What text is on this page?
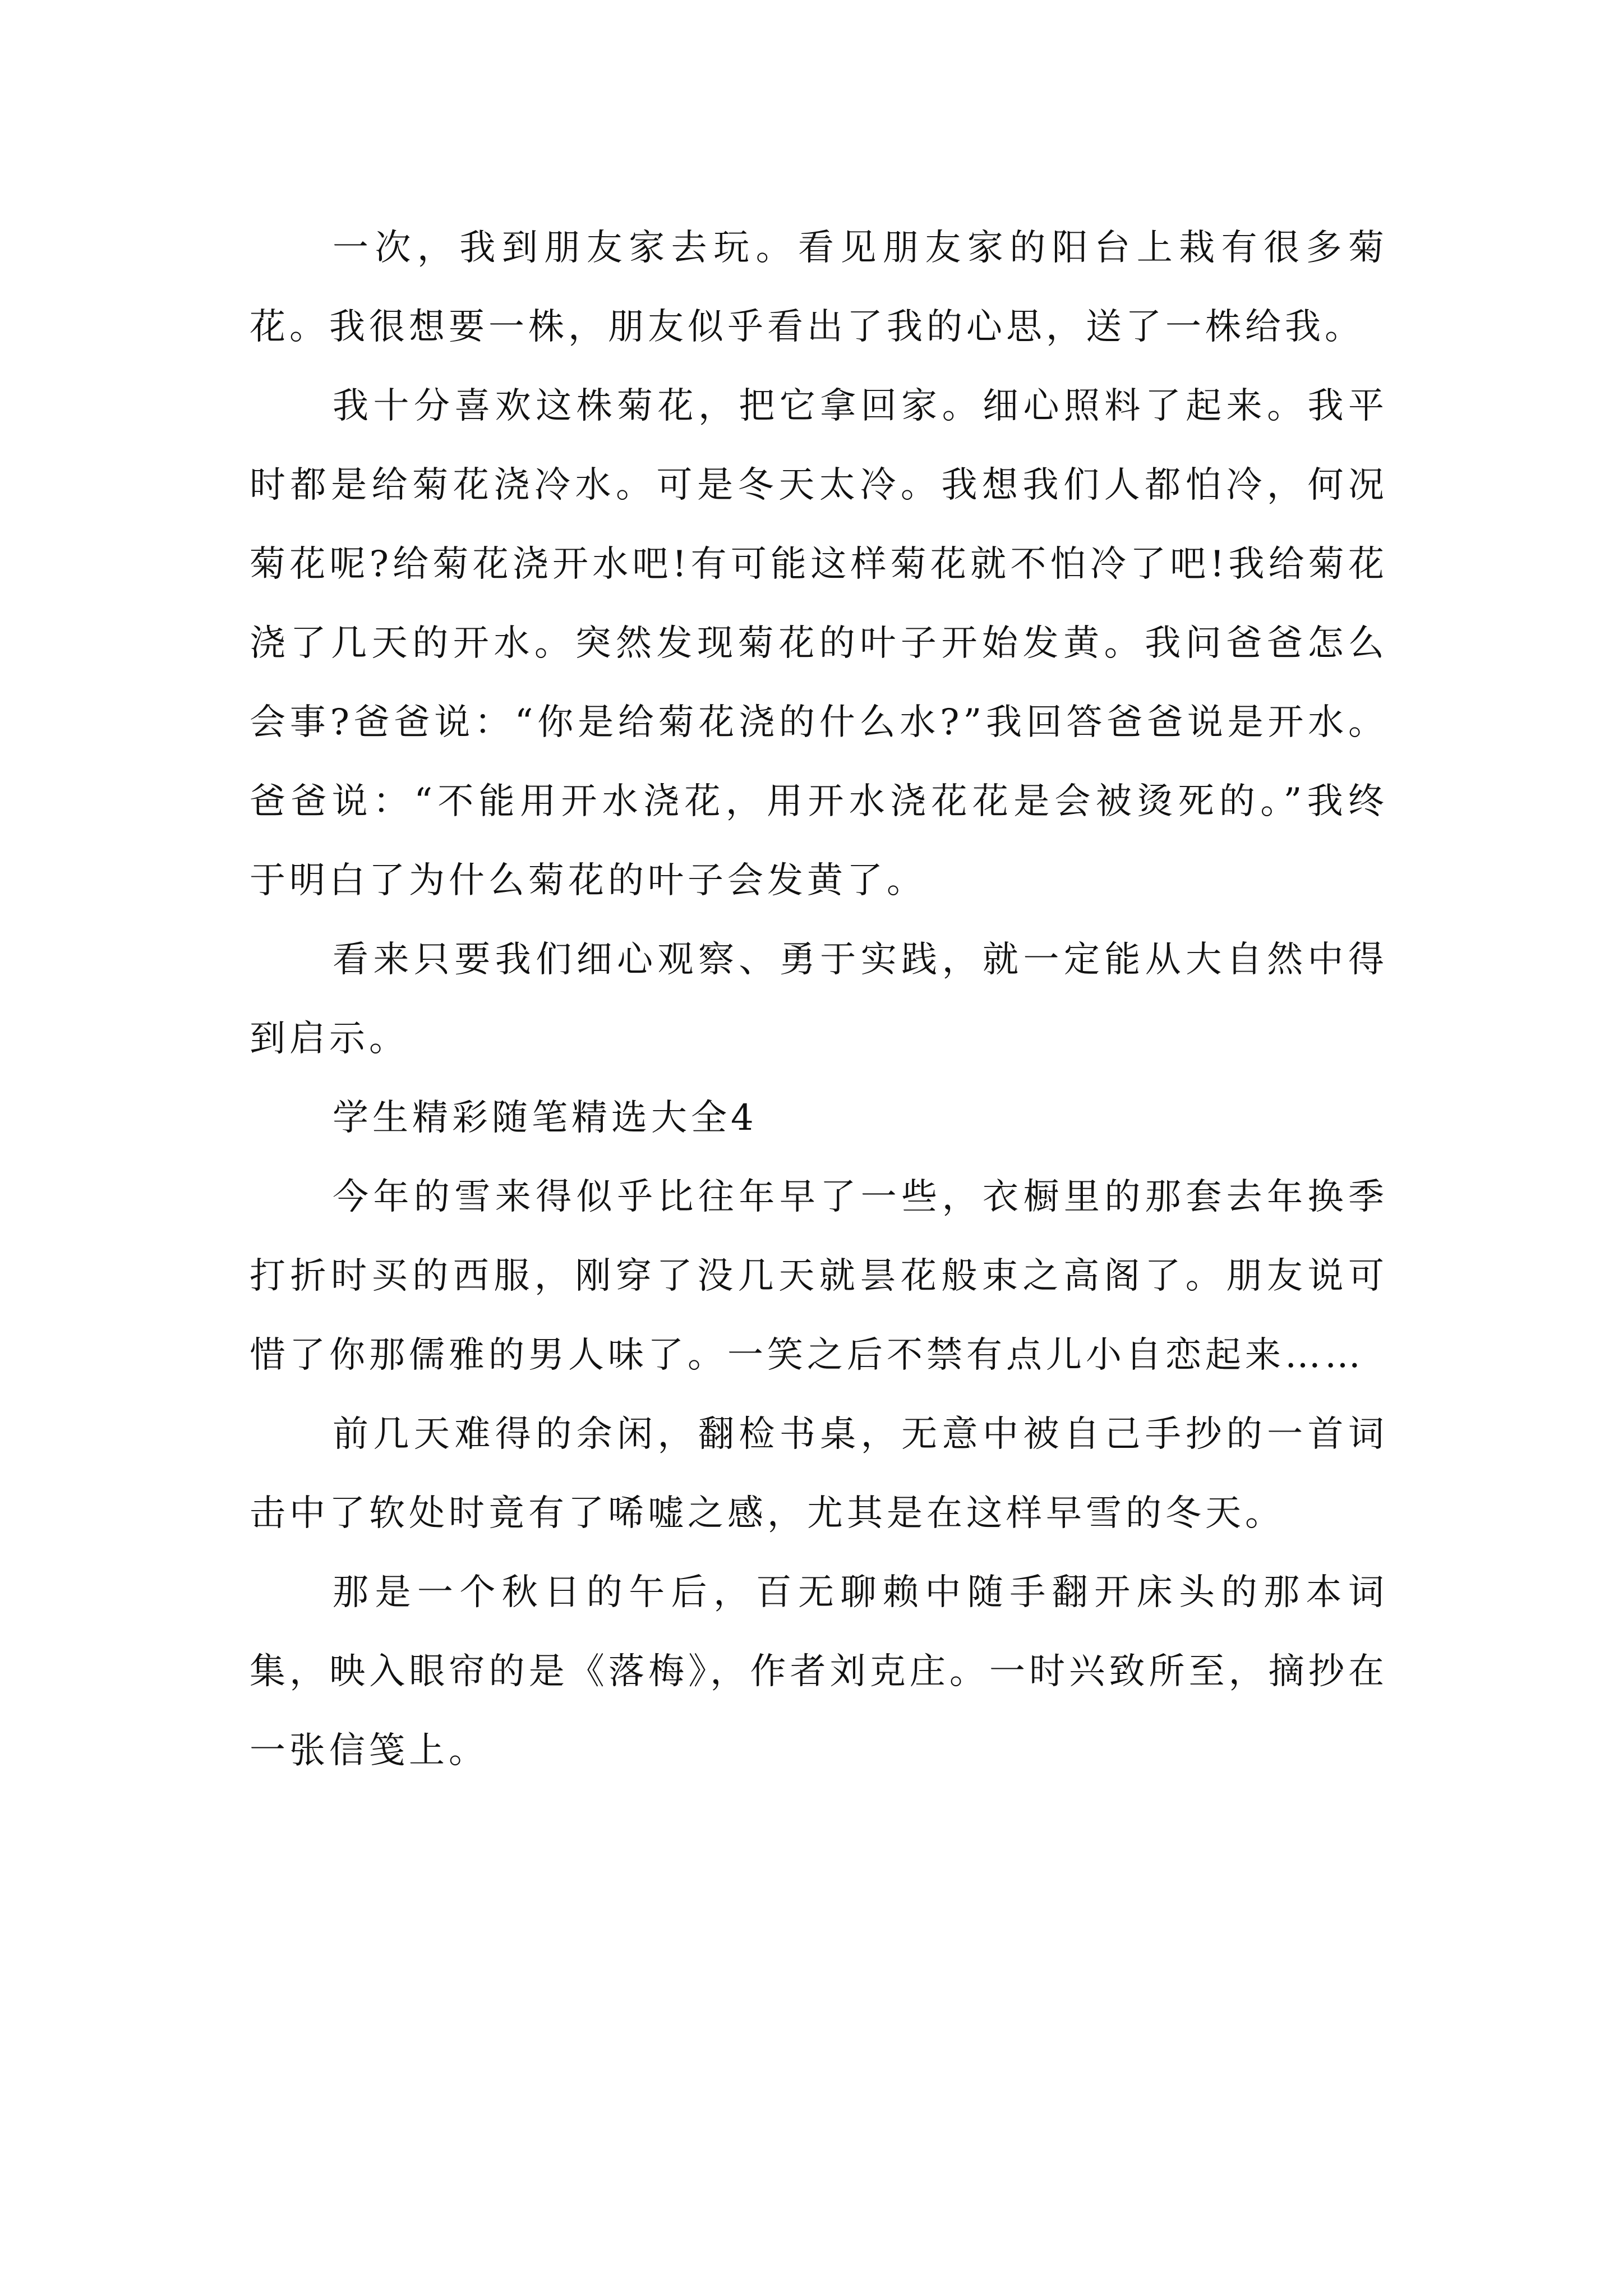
一次，我到朋友家去玩。看见朋友家的阳台上栽有很多菊花。我很想要一株，朋友似乎看出了我的心思，送了一株给我。

我十分喜欢这株菊花，把它拿回家。细心照料了起来。我平时都是给菊花浇冷水。可是冬天太冷。我想我们人都怕冷，何况菊花呢?给菊花浇开水吧!有可能这样菊花就不怕冷了吧!我给菊花浇了几天的开水。突然发现菊花的叶子开始发黄。我问爸爸怎么会事?爸爸说：“你是给菊花浇的什么水?”我回答爸爸说是开水。爸爸说：“不能用开水浇花，用开水浇花花是会被烫死的。”我终于明白了为什么菊花的叶子会发黄了。

看来只要我们细心观察、勇于实践，就一定能从大自然中得到启示。

学生精彩随笔精选大全4

今年的雪来得似乎比往年早了一些，衣橱里的那套去年换季打折时买的西服，刚穿了没几天就昙花般束之高阁了。朋友说可惜了你那儒雅的男人味了。一笑之后不禁有点儿小自恋起来……

前几天难得的余闲，翻检书桌，无意中被自己手抄的一首词击中了软处时竟有了唏嘘之感，尤其是在这样早雪的冬天。

那是一个秋日的午后，百无聊赖中随手翻开床头的那本词集，映入眼帘的是《落梅》，作者刘克庄。一时兴致所至，摘抄在一张信笺上。
